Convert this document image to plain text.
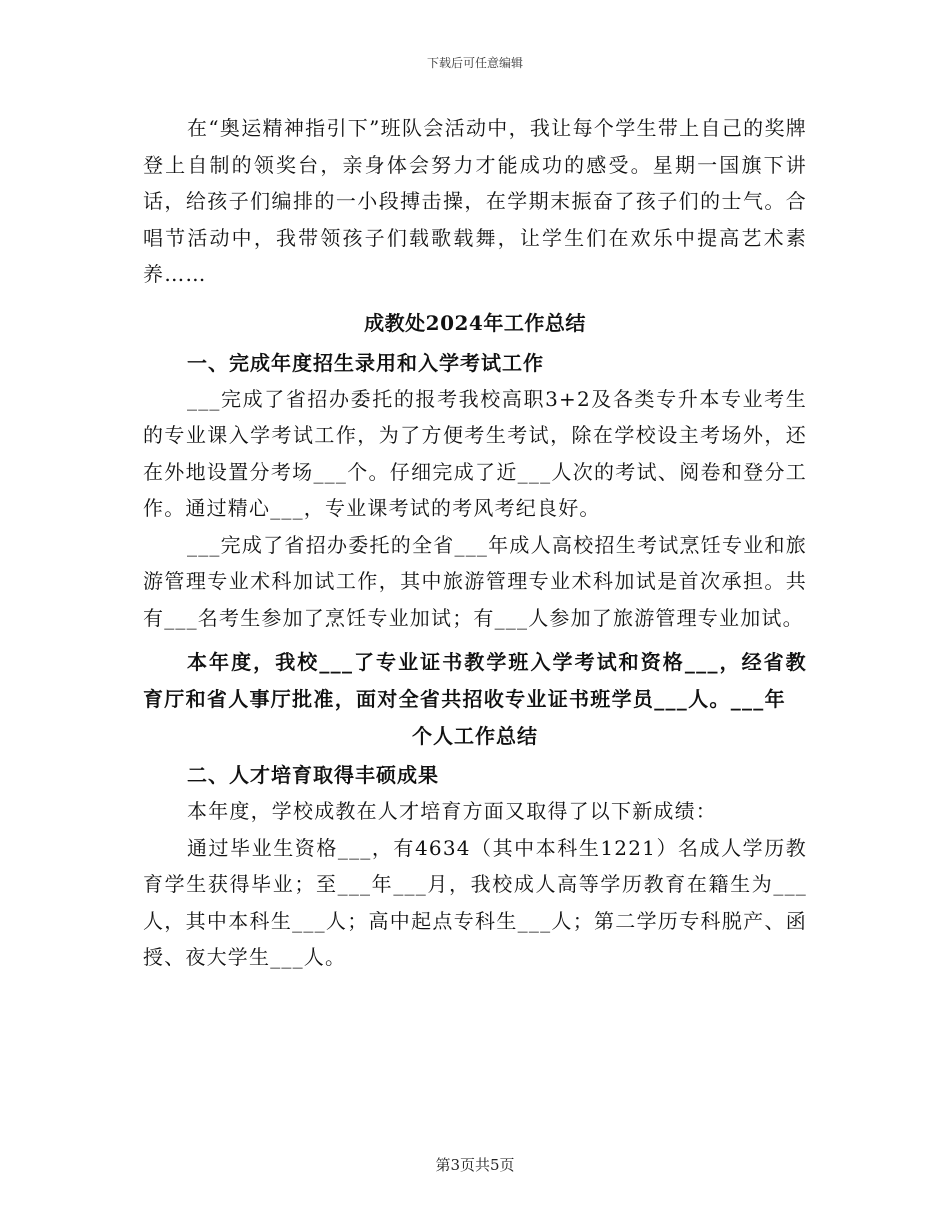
下载后可任意编辑

在“奥运精神指引下”班队会活动中，我让每个学生带上自己的奖牌登上自制的领奖台，亲身体会努力才能成功的感受。星期一国旗下讲话，给孩子们编排的一小段搏击操，在学期末振奋了孩子们的士气。合唱节活动中，我带领孩子们载歌载舞，让学生们在欢乐中提高艺术素养……

成教处2024年工作总结

一、完成年度招生录用和入学考试工作

___完成了省招办委托的报考我校高职3+2及各类专升本专业考生的专业课入学考试工作，为了方便考生考试，除在学校设主考场外，还在外地设置分考场___个。仔细完成了近___人次的考试、阅卷和登分工作。通过精心___，专业课考试的考风考纪良好。

___完成了省招办委托的全省___年成人高校招生考试烹饪专业和旅游管理专业术科加试工作，其中旅游管理专业术科加试是首次承担。共有___名考生参加了烹饪专业加试；有___人参加了旅游管理专业加试。

本年度，我校___了专业证书教学班入学考试和资格___，经省教育厅和省人事厅批准，面对全省共招收专业证书班学员___人。___年

个人工作总结

二、人才培育取得丰硕成果

本年度，学校成教在人才培育方面又取得了以下新成绩：

通过毕业生资格___，有4634（其中本科生1221）名成人学历教育学生获得毕业；至___年___月，我校成人高等学历教育在籍生为___人，其中本科生___人；高中起点专科生___人；第二学历专科脱产、函授、夜大学生___人。

第3页共5页
